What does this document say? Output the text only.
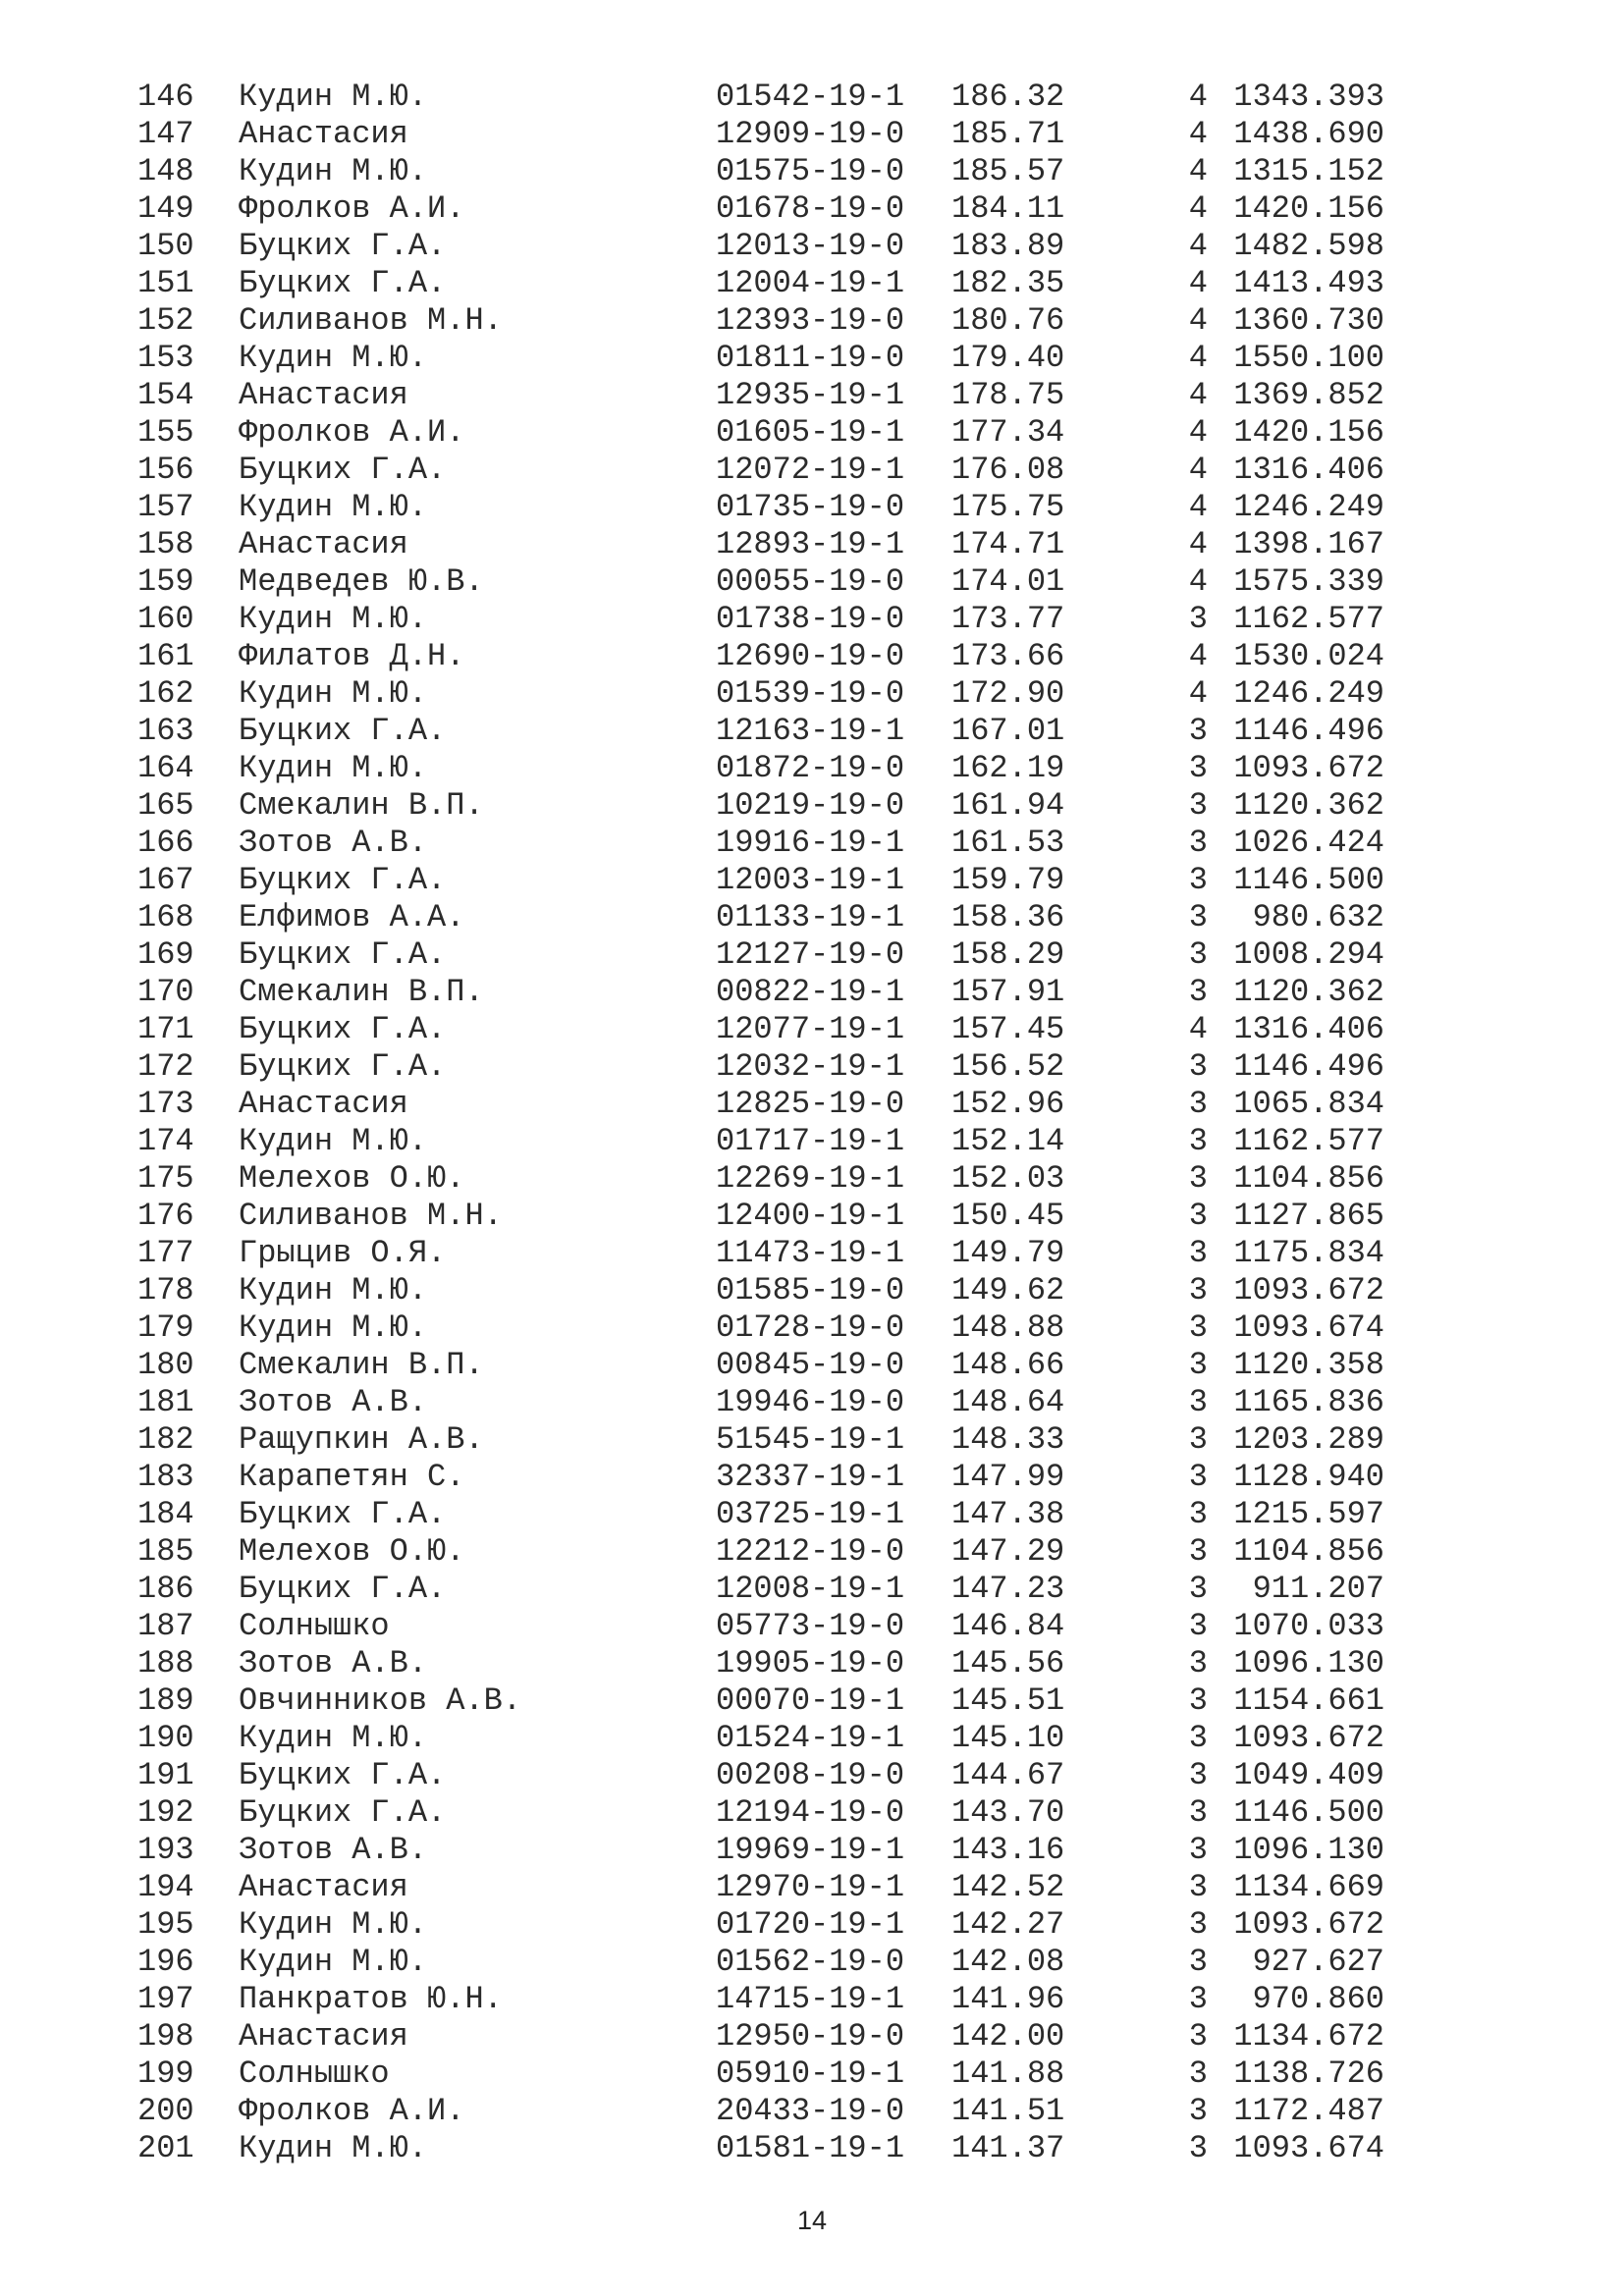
146	Кудин М.Ю.	01542-19-1	186.32	4 1343.393
147	Анастасия	12909-19-0	185.71	4 1438.690
148	Кудин М.Ю.	01575-19-0	185.57	4 1315.152
149	Фролков А.И.	01678-19-0	184.11	4 1420.156
150	Буцких Г.А.	12013-19-0	183.89	4 1482.598
151	Буцких Г.А.	12004-19-1	182.35	4 1413.493
152	Силиванов М.Н.	12393-19-0	180.76	4 1360.730
153	Кудин М.Ю.	01811-19-0	179.40	4 1550.100
154	Анастасия	12935-19-1	178.75	4 1369.852
155	Фролков А.И.	01605-19-1	177.34	4 1420.156
156	Буцких Г.А.	12072-19-1	176.08	4 1316.406
157	Кудин М.Ю.	01735-19-0	175.75	4 1246.249
158	Анастасия	12893-19-1	174.71	4 1398.167
159	Медведев Ю.В.	00055-19-0	174.01	4 1575.339
160	Кудин М.Ю.	01738-19-0	173.77	3 1162.577
161	Филатов Д.Н.	12690-19-0	173.66	4 1530.024
162	Кудин М.Ю.	01539-19-0	172.90	4 1246.249
163	Буцких Г.А.	12163-19-1	167.01	3 1146.496
164	Кудин М.Ю.	01872-19-0	162.19	3 1093.672
165	Смекалин В.П.	10219-19-0	161.94	3 1120.362
166	Зотов А.В.	19916-19-1	161.53	3 1026.424
167	Буцких Г.А.	12003-19-1	159.79	3 1146.500
168	Елфимов А.А.	01133-19-1	158.36	3	980.632
169	Буцких Г.А.	12127-19-0	158.29	3 1008.294
170	Смекалин В.П.	00822-19-1	157.91	3 1120.362
171	Буцких Г.А.	12077-19-1	157.45	4 1316.406
172	Буцких Г.А.	12032-19-1	156.52	3 1146.496
173	Анастасия	12825-19-0	152.96	3 1065.834
174	Кудин М.Ю.	01717-19-1	152.14	3 1162.577
175	Мелехов О.Ю.	12269-19-1	152.03	3 1104.856
176	Силиванов М.Н.	12400-19-1	150.45	3 1127.865
177	Грыцив О.Я.	11473-19-1	149.79	3 1175.834
178	Кудин М.Ю.	01585-19-0	149.62	3 1093.672
179	Кудин М.Ю.	01728-19-0	148.88	3 1093.674
180	Смекалин В.П.	00845-19-0	148.66	3 1120.358
181	Зотов А.В.	19946-19-0	148.64	3 1165.836
182	Ращупкин А.В.	51545-19-1	148.33	3 1203.289
183	Карапетян С.	32337-19-1	147.99	3 1128.940
184	Буцких Г.А.	03725-19-1	147.38	3 1215.597
185	Мелехов О.Ю.	12212-19-0	147.29	3 1104.856
186	Буцких Г.А.	12008-19-1	147.23	3	911.207
187	Солнышко	05773-19-0	146.84	3 1070.033
188	Зотов А.В.	19905-19-0	145.56	3 1096.130
189	Овчинников А.В.	00070-19-1	145.51	3 1154.661
190	Кудин М.Ю.	01524-19-1	145.10	3 1093.672
191	Буцких Г.А.	00208-19-0	144.67	3 1049.409
192	Буцких Г.А.	12194-19-0	143.70	3 1146.500
193	Зотов А.В.	19969-19-1	143.16	3 1096.130
194	Анастасия	12970-19-1	142.52	3 1134.669
195	Кудин М.Ю.	01720-19-1	142.27	3 1093.672
196	Кудин М.Ю.	01562-19-0	142.08	3	927.627
197	Панкратов Ю.Н.	14715-19-1	141.96	3	970.860
198	Анастасия	12950-19-0	142.00	3 1134.672
199	Солнышко	05910-19-1	141.88	3 1138.726
200	Фролков А.И.	20433-19-0	141.51	3 1172.487
201	Кудин М.Ю.	01581-19-1	141.37	3 1093.674
14
